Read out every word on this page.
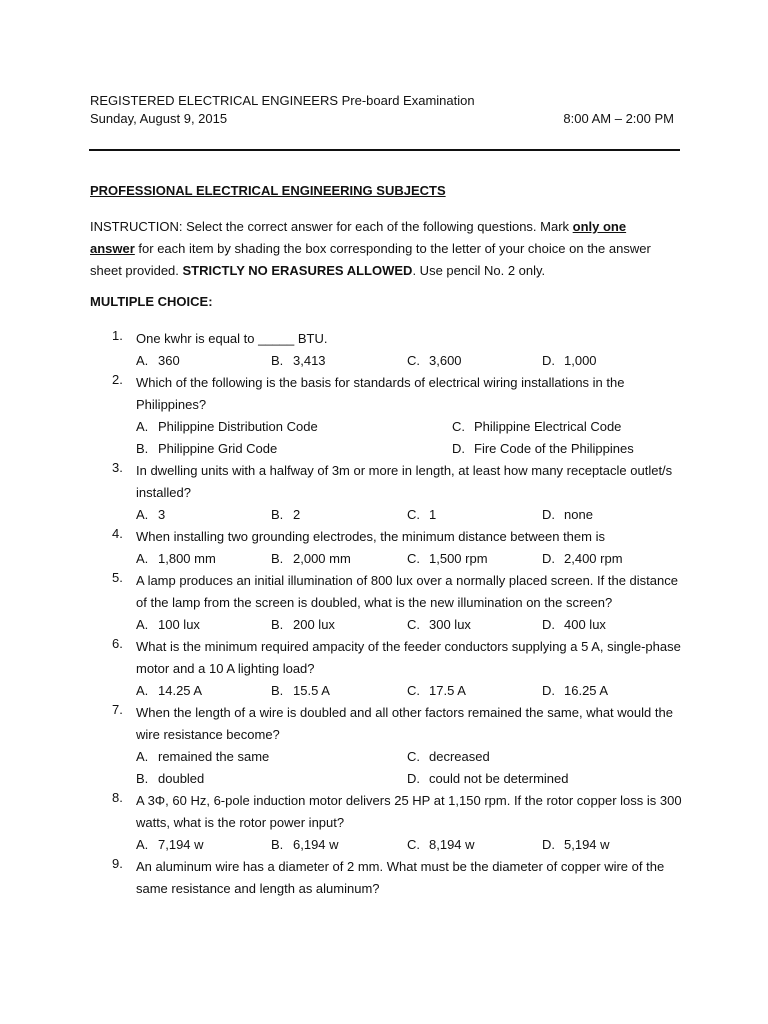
REGISTERED ELECTRICAL ENGINEERS Pre-board Examination
Sunday, August 9, 2015	8:00 AM – 2:00 PM
PROFESSIONAL ELECTRICAL ENGINEERING SUBJECTS
INSTRUCTION: Select the correct answer for each of the following questions. Mark only one answer for each item by shading the box corresponding to the letter of your choice on the answer sheet provided. STRICTLY NO ERASURES ALLOWED. Use pencil No. 2 only.
MULTIPLE CHOICE:
1.	One kwhr is equal to _____ BTU.
A. 360	B. 3,413	C. 3,600	D. 1,000
2.	Which of the following is the basis for standards of electrical wiring installations in the Philippines?
A. Philippine Distribution Code	C. Philippine Electrical Code
B. Philippine Grid Code	D. Fire Code of the Philippines
3.	In dwelling units with a halfway of 3m or more in length, at least how many receptacle outlet/s installed?
A. 3	B. 2	C. 1	D. none
4.	When installing two grounding electrodes, the minimum distance between them is
A. 1,800 mm	B. 2,000 mm	C. 1,500 rpm	D. 2,400 rpm
5.	A lamp produces an initial illumination of 800 lux over a normally placed screen. If the distance of the lamp from the screen is doubled, what is the new illumination on the screen?
A. 100 lux	B. 200 lux	C. 300 lux	D. 400 lux
6.	What is the minimum required ampacity of the feeder conductors supplying a 5 A, single-phase motor and a 10 A lighting load?
A. 14.25 A	B. 15.5 A	C. 17.5 A	D. 16.25 A
7.	When the length of a wire is doubled and all other factors remained the same, what would the wire resistance become?
A. remained the same	C. decreased
B. doubled	D. could not be determined
8.	A 3Φ, 60 Hz, 6-pole induction motor delivers 25 HP at 1,150 rpm. If the rotor copper loss is 300 watts, what is the rotor power input?
A. 7,194 w	B. 6,194 w	C. 8,194 w	D. 5,194 w
9.	An aluminum wire has a diameter of 2 mm. What must be the diameter of copper wire of the same resistance and length as aluminum?
